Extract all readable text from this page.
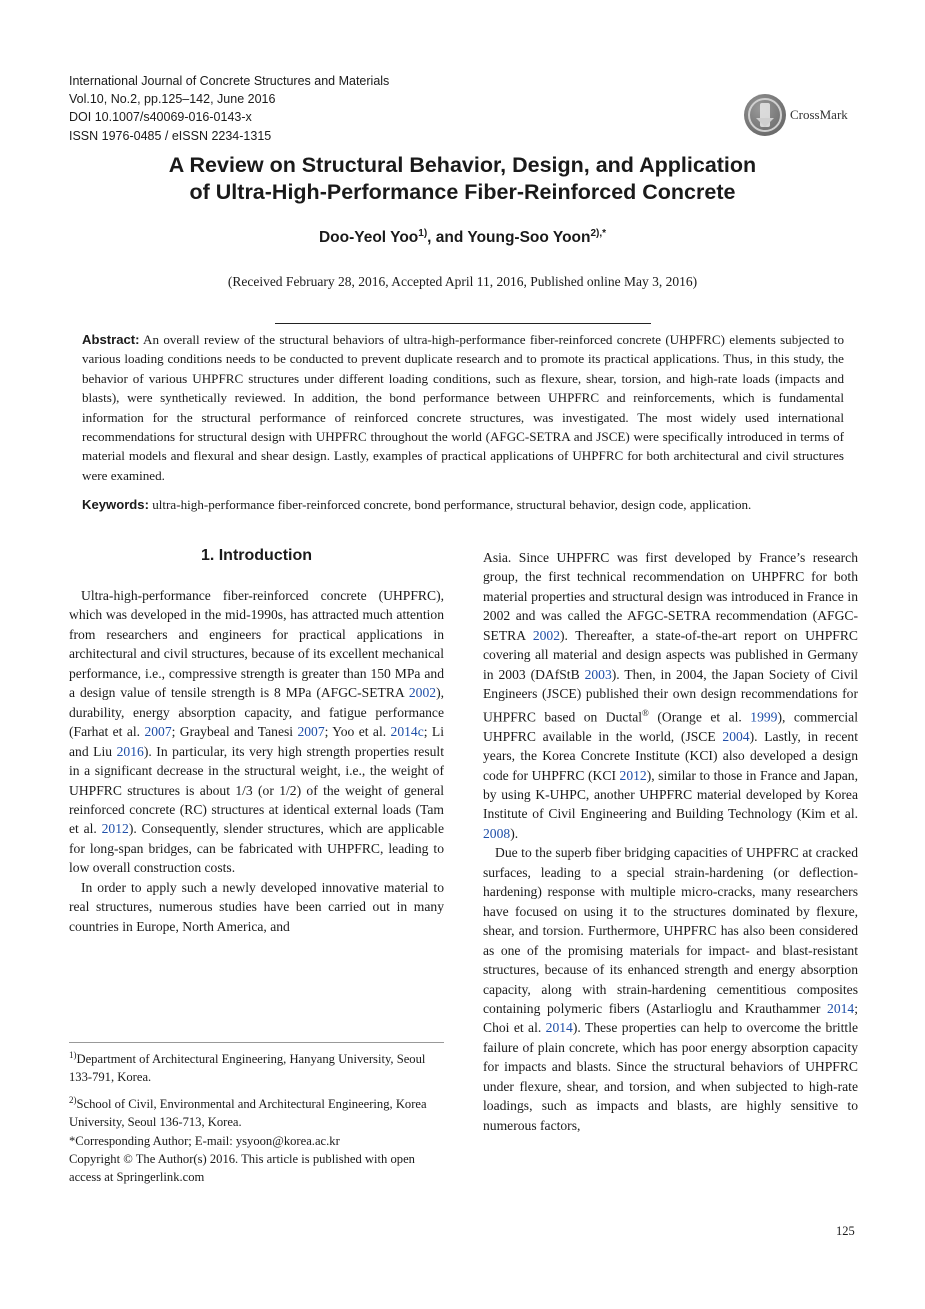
International Journal of Concrete Structures and Materials
Vol.10, No.2, pp.125–142, June 2016
DOI 10.1007/s40069-016-0143-x
ISSN 1976-0485 / eISSN 2234-1315
CrossMark
A Review on Structural Behavior, Design, and Application
of Ultra-High-Performance Fiber-Reinforced Concrete
Doo-Yeol Yoo$^{1)}$, and Young-Soo Yoon$^{2),*}$
(Received February 28, 2016, Accepted April 11, 2016, Published online May 3, 2016)
Abstract: An overall review of the structural behaviors of ultra-high-performance fiber-reinforced concrete (UHPFRC) elements subjected to various loading conditions needs to be conducted to prevent duplicate research and to promote its practical applications. Thus, in this study, the behavior of various UHPFRC structures under different loading conditions, such as flexure, shear, torsion, and high-rate loads (impacts and blasts), were synthetically reviewed. In addition, the bond performance between UHPFRC and reinforcements, which is fundamental information for the structural performance of reinforced concrete structures, was investigated. The most widely used international recommendations for structural design with UHPFRC throughout the world (AFGC-SETRA and JSCE) were specifically introduced in terms of material models and flexural and shear design. Lastly, examples of practical applications of UHPFRC for both architectural and civil structures were examined.
Keywords: ultra-high-performance fiber-reinforced concrete, bond performance, structural behavior, design code, application.
1. Introduction

Ultra-high-performance fiber-reinforced concrete (UHPFRC), which was developed in the mid-1990s, has attracted much attention from researchers and engineers for practical applications in architectural and civil structures, because of its excellent mechanical performance, i.e., compressive strength is greater than 150 MPa and a design value of tensile strength is 8 MPa (AFGC-SETRA 2002), durability, energy absorption capacity, and fatigue performance (Farhat et al. 2007; Graybeal and Tanesi 2007; Yoo et al. 2014c; Li and Liu 2016). In particular, its very high strength properties result in a significant decrease in the structural weight, i.e., the weight of UHPFRC structures is about 1/3 (or 1/2) of the weight of general reinforced concrete (RC) structures at identical external loads (Tam et al. 2012). Consequently, slender structures, which are applicable for long-span bridges, can be fabricated with UHPFRC, leading to low overall construction costs.

In order to apply such a newly developed innovative material to real structures, numerous studies have been carried out in many countries in Europe, North America, and

$^{1)}$Department of Architectural Engineering, Hanyang University, Seoul 133-791, Korea.

$^{2)}$School of Civil, Environmental and Architectural Engineering, Korea University, Seoul 136-713, Korea.

*Corresponding Author; E-mail: ysyoon@korea.ac.kr

Copyright © The Author(s) 2016. This article is published with open access at Springerlink.com

Asia. Since UHPFRC was first developed by France’s research group, the first technical recommendation on UHPFRC for both material properties and structural design was introduced in France in 2002 and was called the AFGC-SETRA recommendation (AFGC-SETRA 2002). Thereafter, a state-of-the-art report on UHPFRC covering all material and design aspects was published in Germany in 2003 (DAfStB 2003). Then, in 2004, the Japan Society of Civil Engineers (JSCE) published their own design recommendations for UHPFRC based on Ductal® (Orange et al. 1999), commercial UHPFRC available in the world, (JSCE 2004). Lastly, in recent years, the Korea Concrete Institute (KCI) also developed a design code for UHPFRC (KCI 2012), similar to those in France and Japan, by using K-UHPC, another UHPFRC material developed by Korea Institute of Civil Engineering and Building Technology (Kim et al. 2008).

Due to the superb fiber bridging capacities of UHPFRC at cracked surfaces, leading to a special strain-hardening (or deflection-hardening) response with multiple micro-cracks, many researchers have focused on using it to the structures dominated by flexure, shear, and torsion. Furthermore, UHPFRC has also been considered as one of the promising materials for impact- and blast-resistant structures, because of its enhanced strength and energy absorption capacity, along with strain-hardening cementitious composites containing polymeric fibers (Astarlioglu and Krauthammer 2014; Choi et al. 2014). These properties can help to overcome the brittle failure of plain concrete, which has poor energy absorption capacity for impacts and blasts. Since the structural behaviors of UHPFRC under flexure, shear, and torsion, and when subjected to high-rate loadings, such as impacts and blasts, are highly sensitive to numerous factors,

125
